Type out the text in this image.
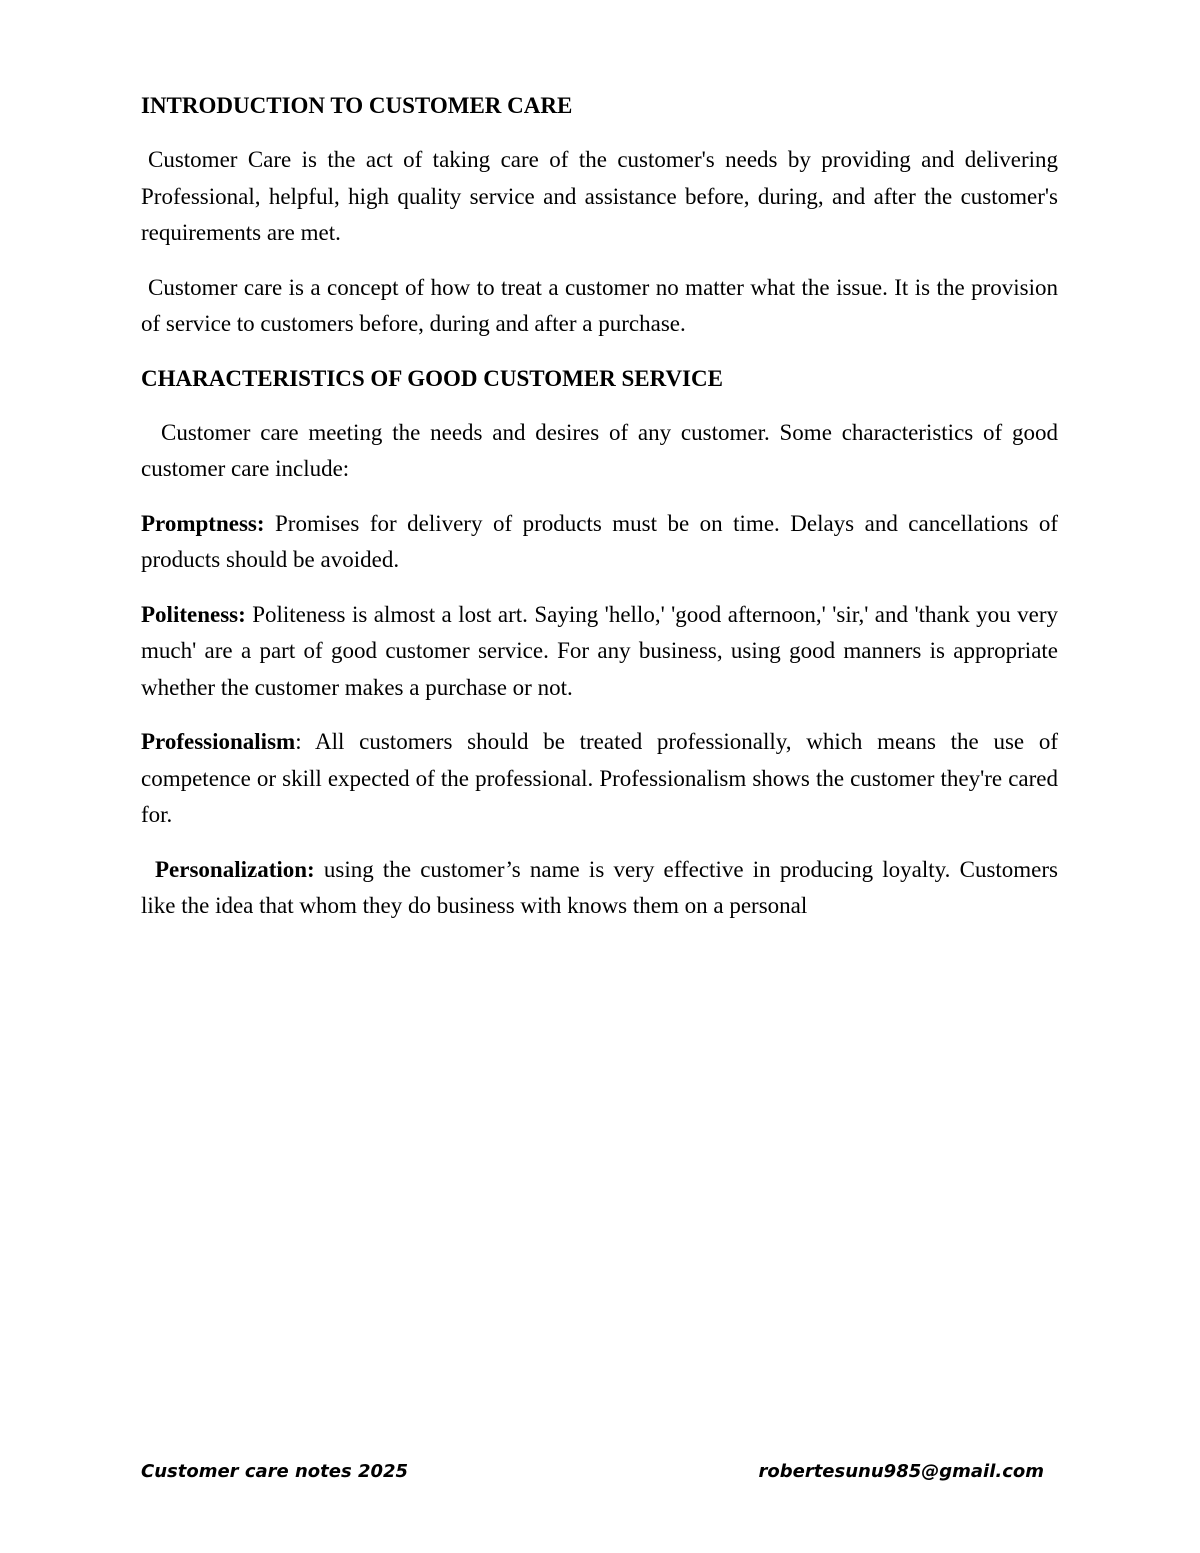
INTRODUCTION TO CUSTOMER CARE
Customer Care is the act of taking care of the customer's needs by providing and delivering Professional, helpful, high quality service and assistance before, during, and after the customer's requirements are met.
Customer care is a concept of how to treat a customer no matter what the issue. It is the provision of service to customers before, during and after a purchase.
CHARACTERISTICS OF GOOD CUSTOMER SERVICE
Customer care meeting the needs and desires of any customer. Some characteristics of good customer care include:
Promptness: Promises for delivery of products must be on time. Delays and cancellations of products should be avoided.
Politeness: Politeness is almost a lost art. Saying 'hello,' 'good afternoon,' 'sir,' and 'thank you very much' are a part of good customer service. For any business, using good manners is appropriate whether the customer makes a purchase or not.
Professionalism: All customers should be treated professionally, which means the use of competence or skill expected of the professional. Professionalism shows the customer they're cared for.
Personalization: using the customer’s name is very effective in producing loyalty. Customers like the idea that whom they do business with knows them on a personal
Customer care notes 2025	robertesunu985@gmail.com
